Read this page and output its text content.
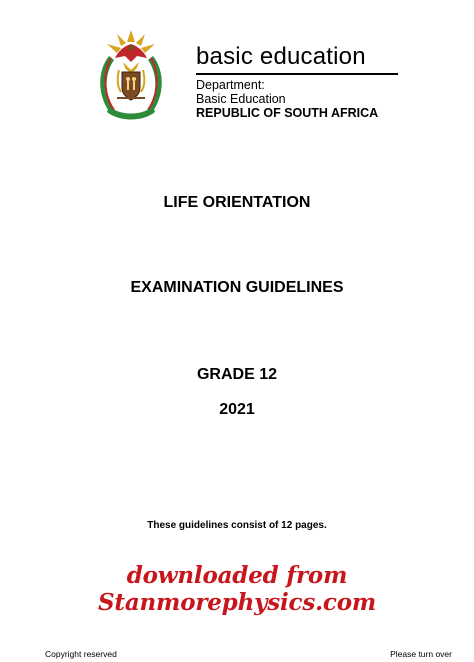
basic education
Department:
Basic Education
REPUBLIC OF SOUTH AFRICA
LIFE ORIENTATION
EXAMINATION GUIDELINES
GRADE 12
2021
These guidelines consist of 12 pages.
downloaded from Stanmorephysics.com
Copyright reserved	Please turn over
